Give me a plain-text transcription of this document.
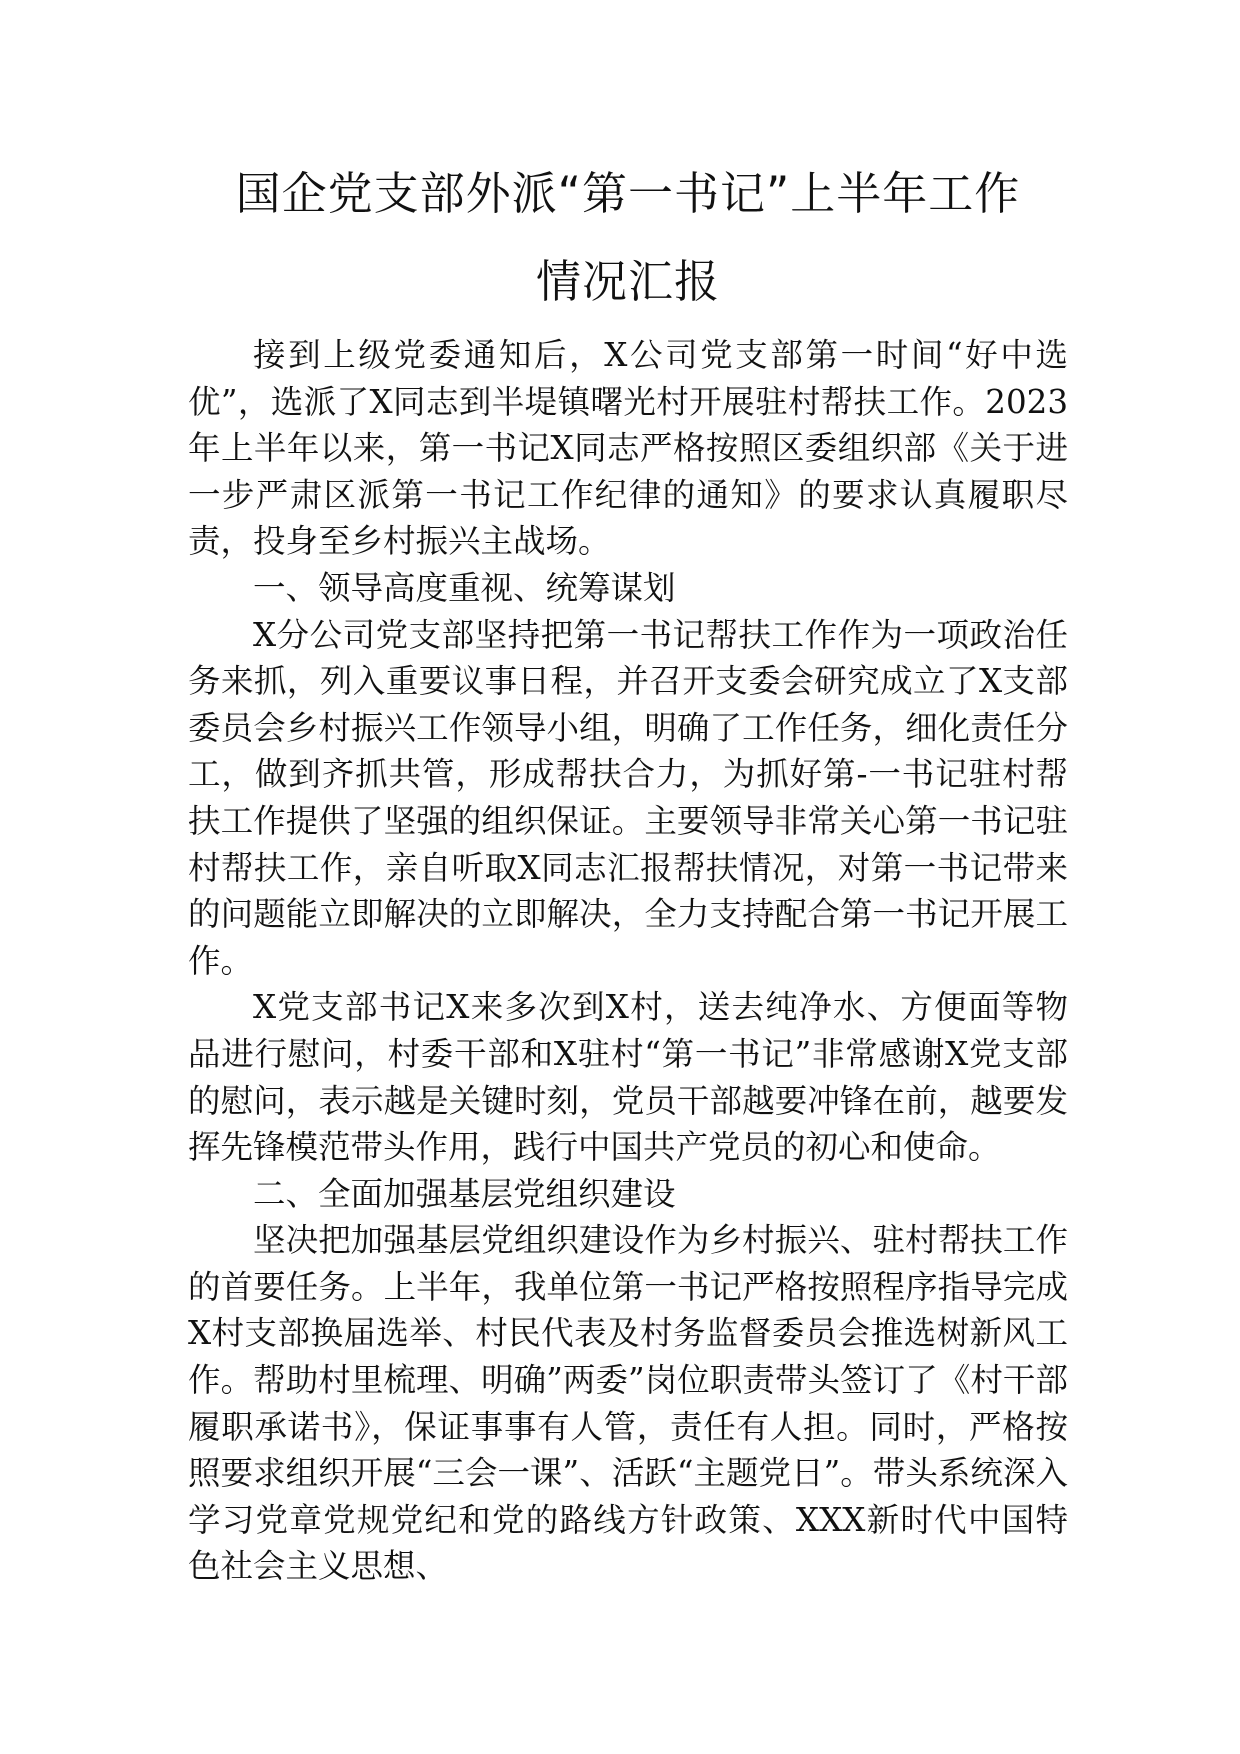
国企党支部外派“第一书记”上半年工作
情况汇报

接到上级党委通知后，X公司党支部第一时间“好中选优”，选派了X同志到半堤镇曙光村开展驻村帮扶工作。2023年上半年以来，第一书记X同志严格按照区委组织部《关于进一步严肃区派第一书记工作纪律的通知》的要求认真履职尽责，投身至乡村振兴主战场。

一、领导高度重视、统筹谋划

X分公司党支部坚持把第一书记帮扶工作作为一项政治任务来抓，列入重要议事日程，并召开支委会研究成立了X支部委员会乡村振兴工作领导小组，明确了工作任务，细化责任分工，做到齐抓共管，形成帮扶合力，为抓好第-一书记驻村帮扶工作提供了坚强的组织保证。主要领导非常关心第一书记驻村帮扶工作，亲自听取X同志汇报帮扶情况，对第一书记带来的问题能立即解决的立即解决，全力支持配合第一书记开展工作。

X党支部书记X来多次到X村，送去纯净水、方便面等物品进行慰问，村委干部和X驻村“第一书记”非常感谢X党支部的慰问，表示越是关键时刻，党员干部越要冲锋在前，越要发挥先锋模范带头作用，践行中国共产党员的初心和使命。

二、全面加强基层党组织建设

坚决把加强基层党组织建设作为乡村振兴、驻村帮扶工作的首要任务。上半年，我单位第一书记严格按照程序指导完成X村支部换届选举、村民代表及村务监督委员会推选树新风工作。帮助村里梳理、明确”两委”岗位职责带头签订了《村干部履职承诺书》，保证事事有人管，责任有人担。同时，严格按照要求组织开展“三会一课”、活跃“主题党日”。带头系统深入学习党章党规党纪和党的路线方针政策、XXX新时代中国特色社会主义思想、
